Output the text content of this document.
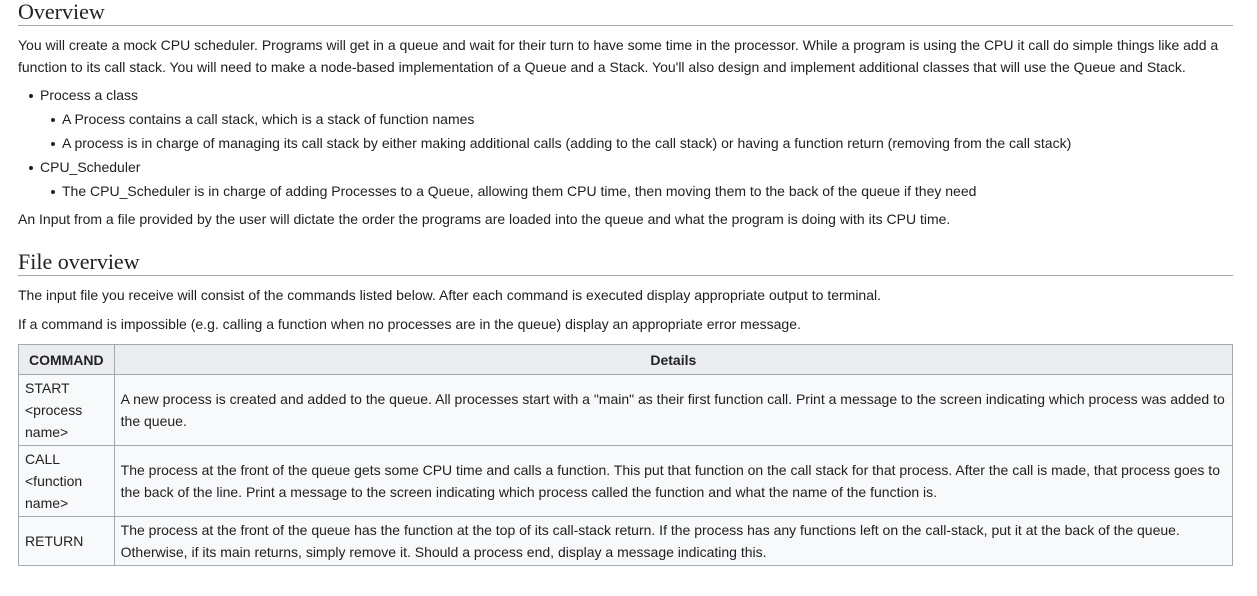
Overview

You will create a mock CPU scheduler. Programs will get in a queue and wait for their turn to have some time in the processor. While a program is using the CPU it call do simple things like add a function to its call stack. You will need to make a node-based implementation of a Queue and a Stack. You'll also design and implement additional classes that will use the Queue and Stack.

Process a class
A Process contains a call stack, which is a stack of function names
A process is in charge of managing its call stack by either making additional calls (adding to the call stack) or having a function return (removing from the call stack)
CPU_Scheduler
The CPU_Scheduler is in charge of adding Processes to a Queue, allowing them CPU time, then moving them to the back of the queue if they need

An Input from a file provided by the user will dictate the order the programs are loaded into the queue and what the program is doing with its CPU time.

File overview

The input file you receive will consist of the commands listed below. After each command is executed display appropriate output to terminal.

If a command is impossible (e.g. calling a function when no processes are in the queue) display an appropriate error message.

COMMAND	Details
START <process name>	A new process is created and added to the queue. All processes start with a "main" as their first function call. Print a message to the screen indicating which process was added to the queue.
CALL <function name>	The process at the front of the queue gets some CPU time and calls a function. This put that function on the call stack for that process. After the call is made, that process goes to the back of the line. Print a message to the screen indicating which process called the function and what the name of the function is.
RETURN	The process at the front of the queue has the function at the top of its call-stack return. If the process has any functions left on the call-stack, put it at the back of the queue. Otherwise, if its main returns, simply remove it. Should a process end, display a message indicating this.
